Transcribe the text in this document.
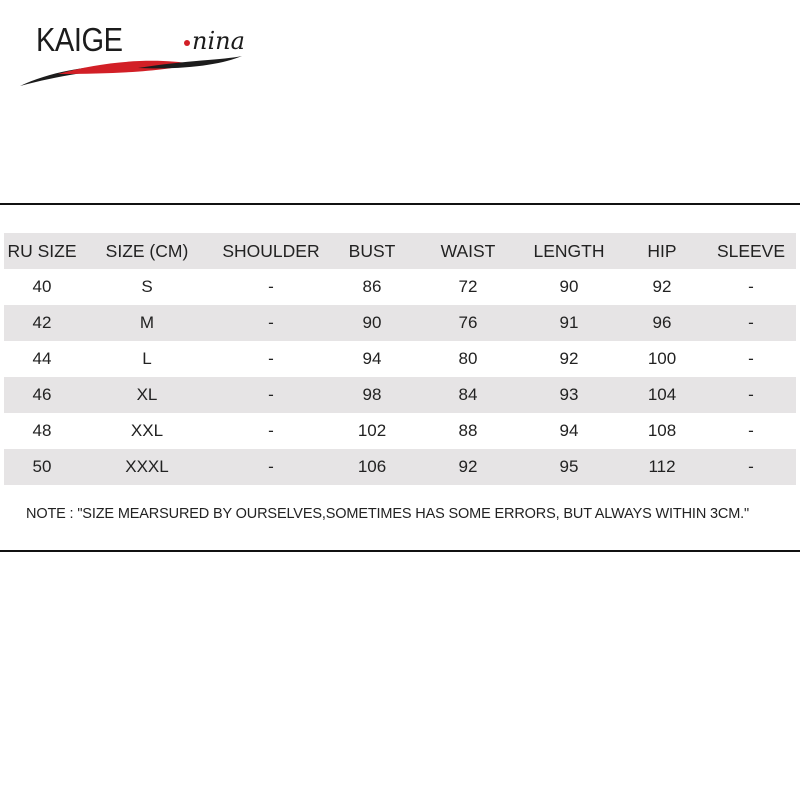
KAIGE	nina
RU SIZE	SIZE (CM)	SHOULDER	BUST	WAIST	LENGTH	HIP	SLEEVE
40	S	-	86	72	90	92	-
42	M	-	90	76	91	96	-
44	L	-	94	80	92	100	-
46	XL	-	98	84	93	104	-
48	XXL	-	102	88	94	108	-
50	XXXL	-	106	92	95	112	-
NOTE : "SIZE MEARSURED BY OURSELVES,SOMETIMES HAS SOME ERRORS, BUT ALWAYS WITHIN 3CM."
